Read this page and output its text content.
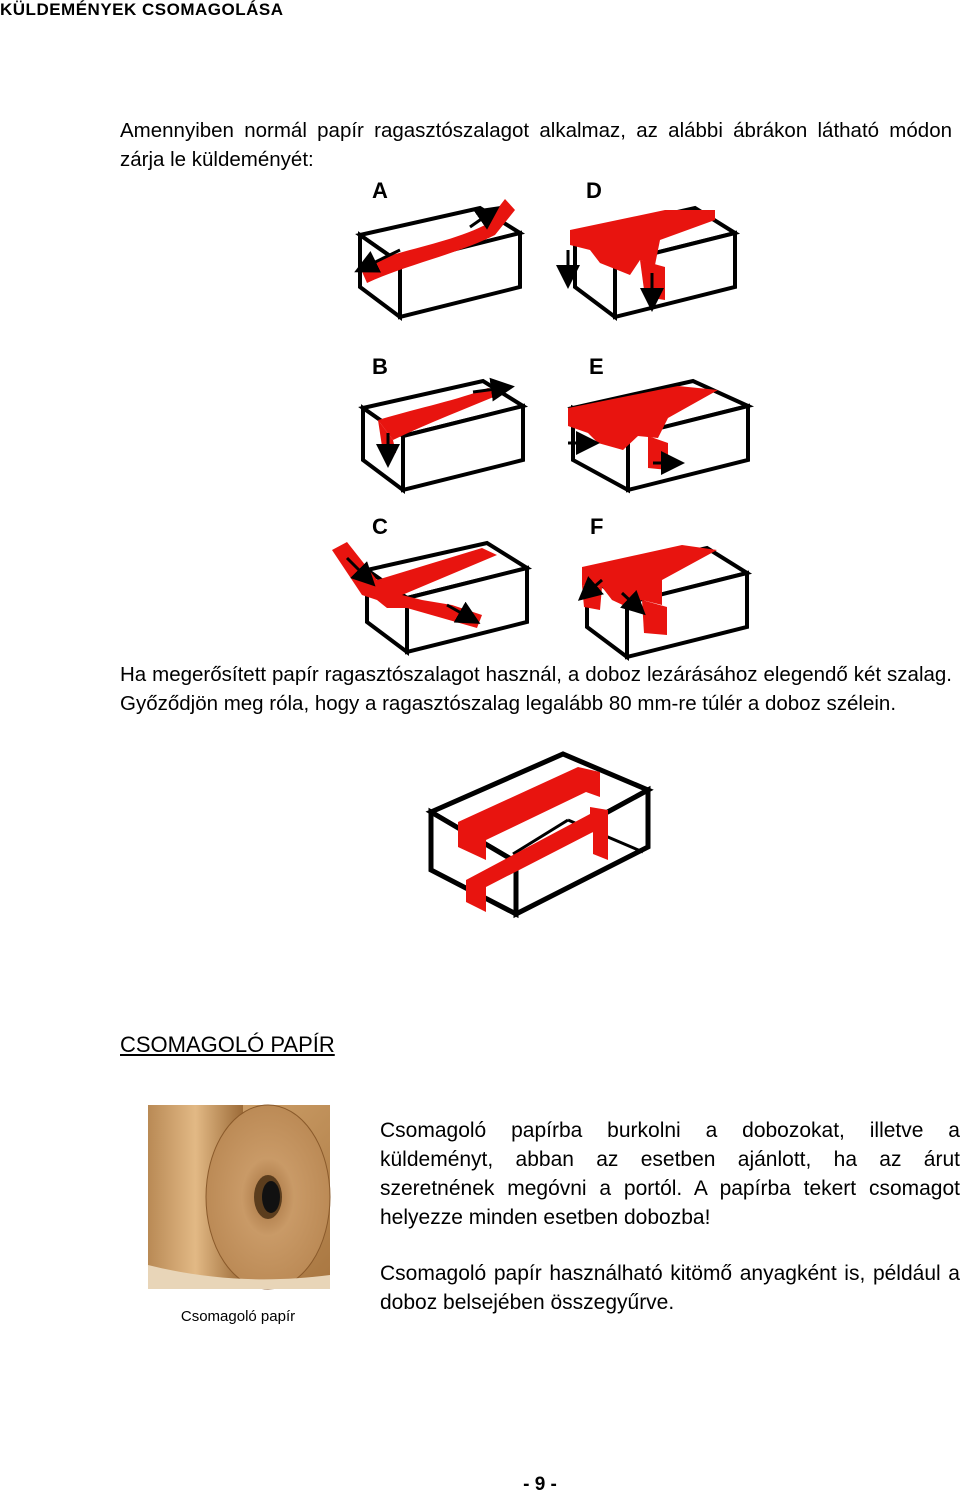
KÜLDEMÉNYEK CSOMAGOLÁSA
Amennyiben normál papír ragasztószalagot alkalmaz, az alábbi ábrákon látható módon zárja le küldeményét:
A	D
B	E
C	F
Ha megerősített papír ragasztószalagot használ, a doboz lezárásához elegendő két szalag. Győződjön meg róla, hogy a ragasztószalag legalább 80 mm-re túlér a doboz szélein.
CSOMAGOLÓ PAPÍR
Csomagoló papír
Csomagoló papírba burkolni a dobozokat, illetve a küldeményt, abban az esetben ajánlott, ha az árut szeretnének megóvni a portól. A papírba tekert csomagot helyezze minden esetben dobozba!
Csomagoló papír használható kitömő anyagként is, például a doboz belsejében összegyűrve.
- 9 -
